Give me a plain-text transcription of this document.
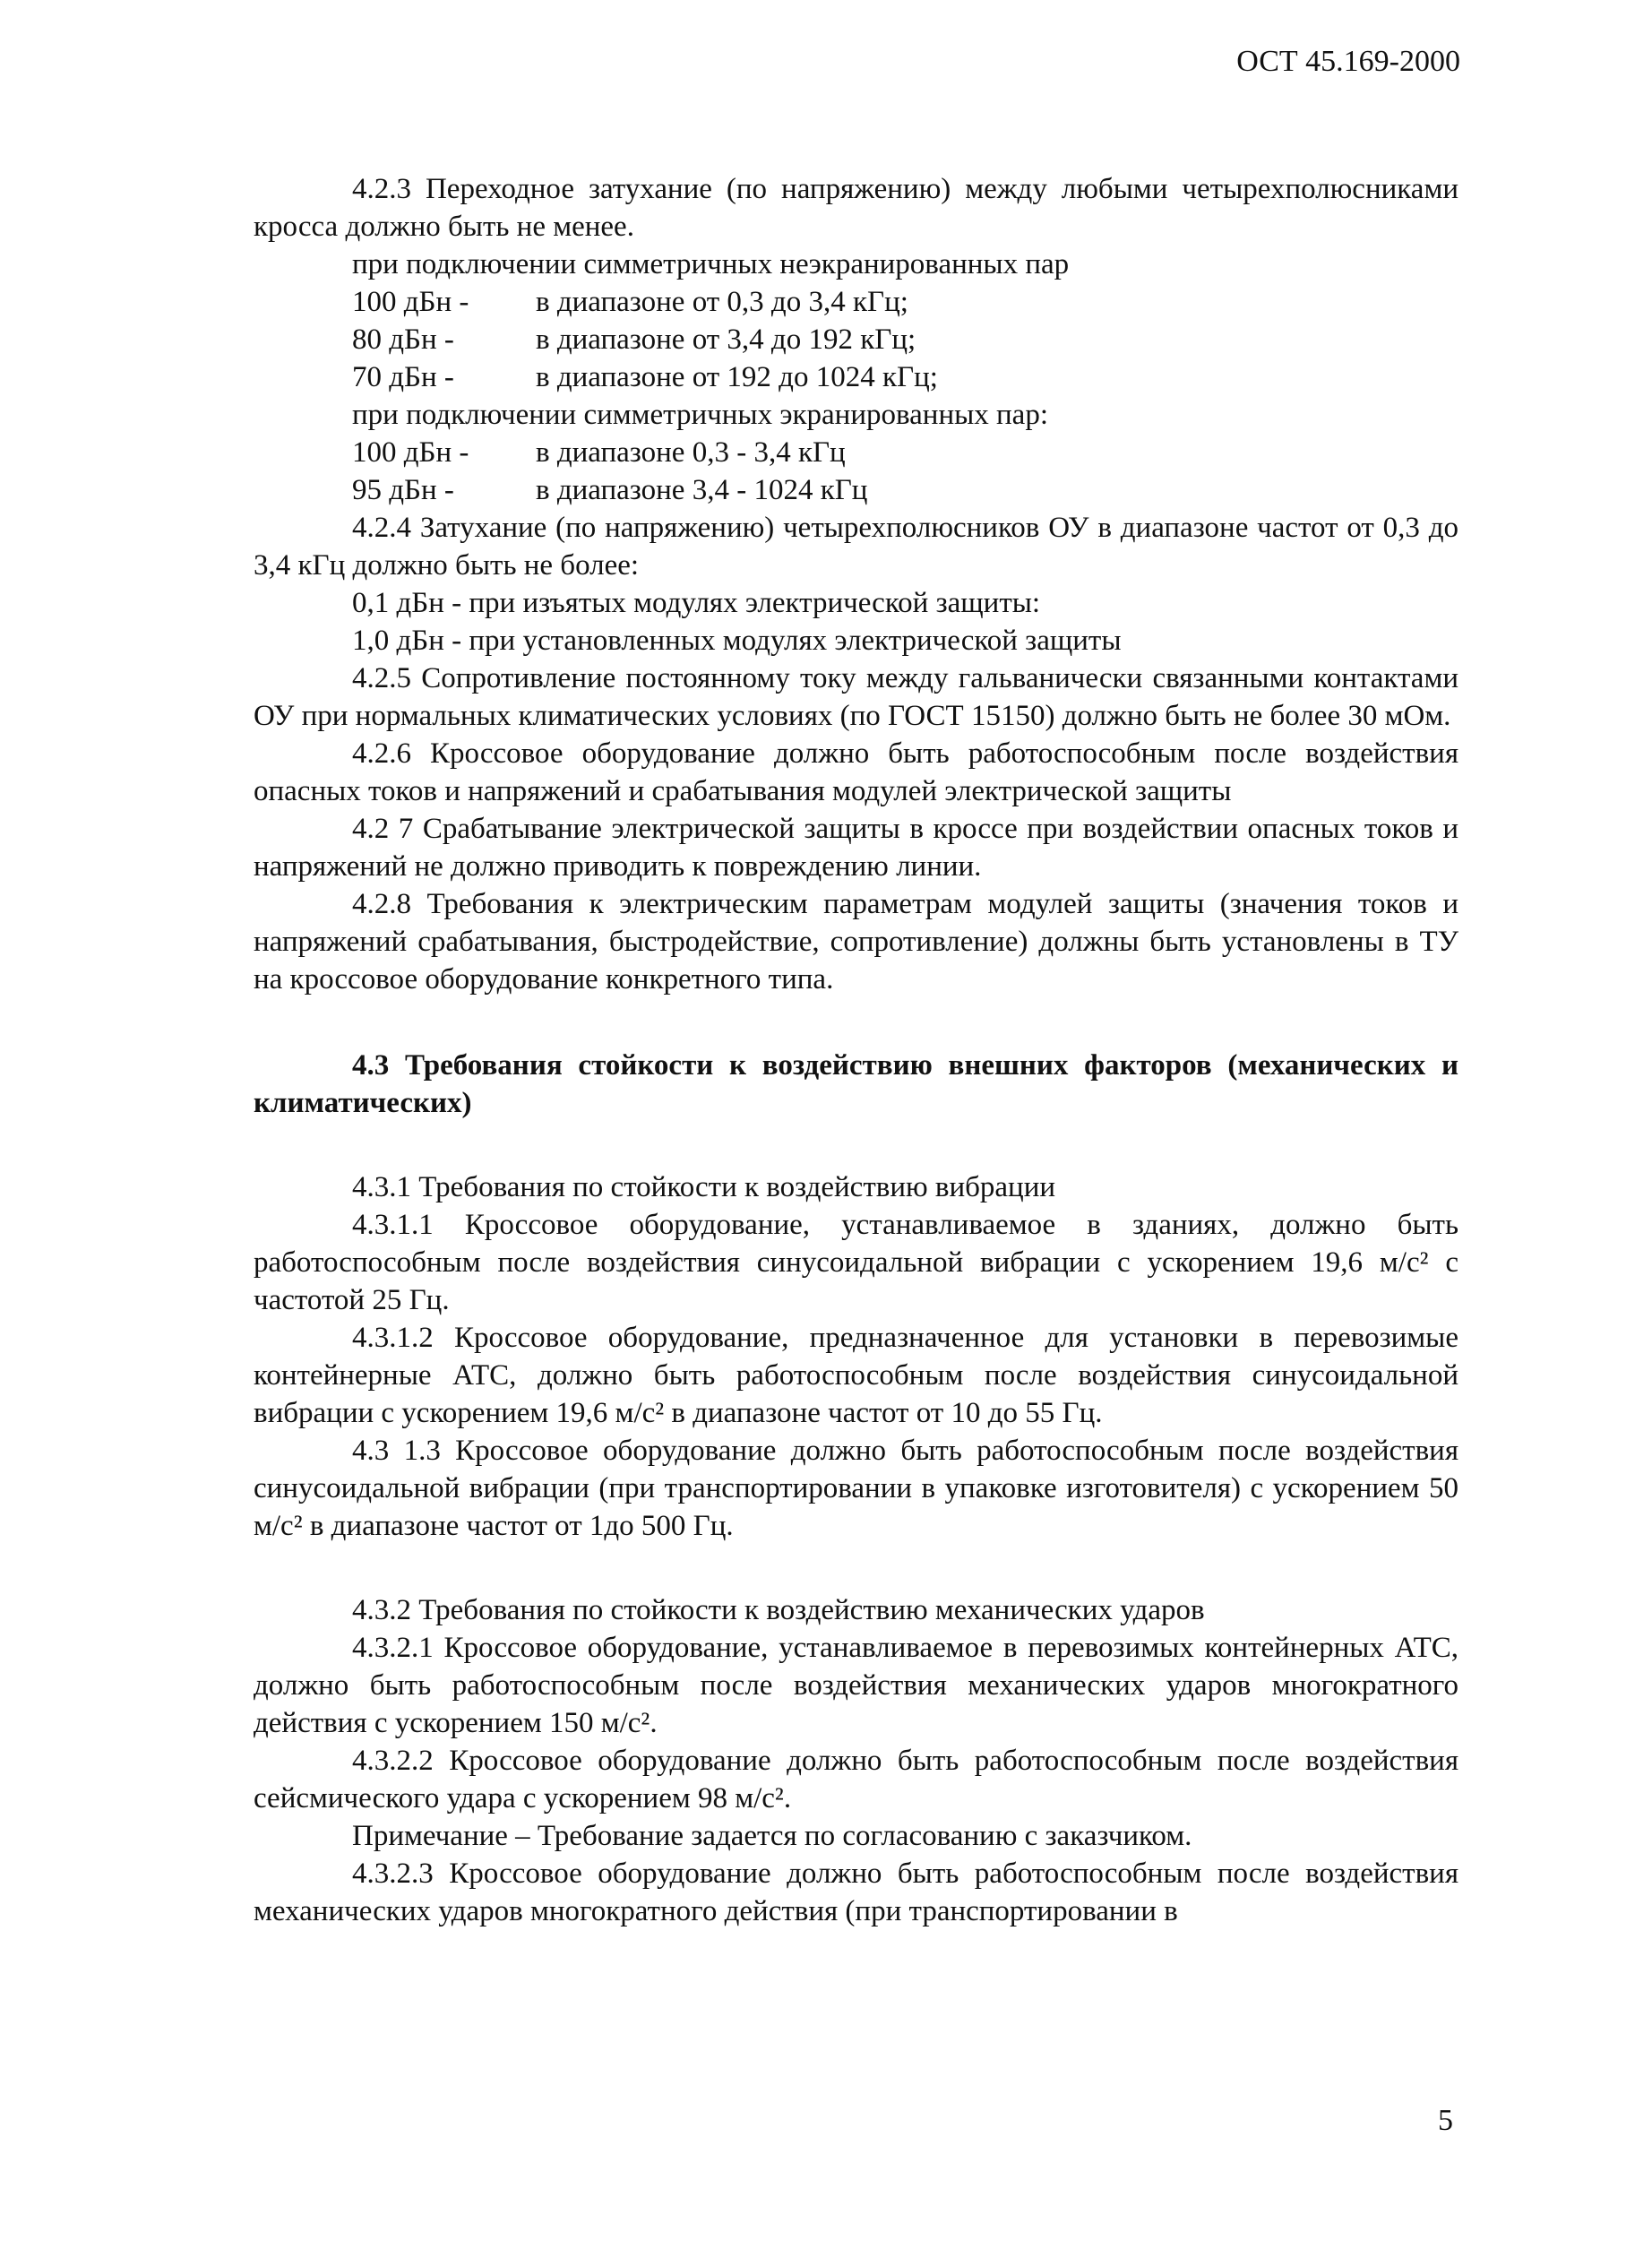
ОСТ 45.169-2000

4.2.3 Переходное затухание (по напряжению) между любыми четырехполюсниками кросса должно быть не менее.

при подключении симметричных неэкранированных пар

100 дБн -	в диапазоне от 0,3 до 3,4 кГц;
80 дБн -	в диапазоне от 3,4 до 192 кГц;
70 дБн -	в диапазоне от 192 до 1024 кГц;

при подключении симметричных экранированных пар:

100 дБн -	в диапазоне 0,3 - 3,4 кГц
95 дБн -	в диапазоне 3,4 - 1024 кГц

4.2.4 Затухание (по напряжению) четырехполюсников ОУ в диапазоне частот от 0,3 до 3,4 кГц должно быть не более:

0,1 дБн - при изъятых модулях электрической защиты:

1,0 дБн - при установленных модулях электрической защиты

4.2.5 Сопротивление постоянному току между гальванически связанными контактами ОУ при нормальных климатических условиях (по ГОСТ 15150) должно быть не более 30 мОм.

4.2.6 Кроссовое оборудование должно быть работоспособным после воздействия опасных токов и напряжений и срабатывания модулей электрической защиты

4.2 7 Срабатывание электрической защиты в кроссе при воздействии опасных токов и напряжений не должно приводить к повреждению линии.

4.2.8 Требования к электрическим параметрам модулей защиты (значения токов и напряжений срабатывания, быстродействие, сопротивление) должны быть установлены в ТУ на кроссовое оборудование конкретного типа.

4.3 Требования стойкости к воздействию внешних факторов (механических и климатических)

4.3.1 Требования по стойкости к воздействию вибрации

4.3.1.1 Кроссовое оборудование, устанавливаемое в зданиях, должно быть работоспособным после воздействия синусоидальной вибрации с ускорением 19,6 м/с² с частотой 25 Гц.

4.3.1.2 Кроссовое оборудование, предназначенное для установки в перевозимые контейнерные АТС, должно быть работоспособным после воздействия синусоидальной вибрации с ускорением 19,6 м/с² в диапазоне частот от 10 до 55 Гц.

4.3 1.3 Кроссовое оборудование должно быть работоспособным после воздействия синусоидальной вибрации (при транспортировании в упаковке изготовителя) с ускорением 50 м/с² в диапазоне частот от 1до 500 Гц.

4.3.2 Требования по стойкости к воздействию механических ударов

4.3.2.1 Кроссовое оборудование, устанавливаемое в перевозимых контейнерных АТС, должно быть работоспособным после воздействия механических ударов многократного действия с ускорением 150 м/с².

4.3.2.2 Кроссовое оборудование должно быть работоспособным после воздействия сейсмического удара с ускорением 98 м/с².

Примечание – Требование задается по согласованию с заказчиком.

4.3.2.3 Кроссовое оборудование должно быть работоспособным после воздействия механических ударов многократного действия (при транспортировании в

5
